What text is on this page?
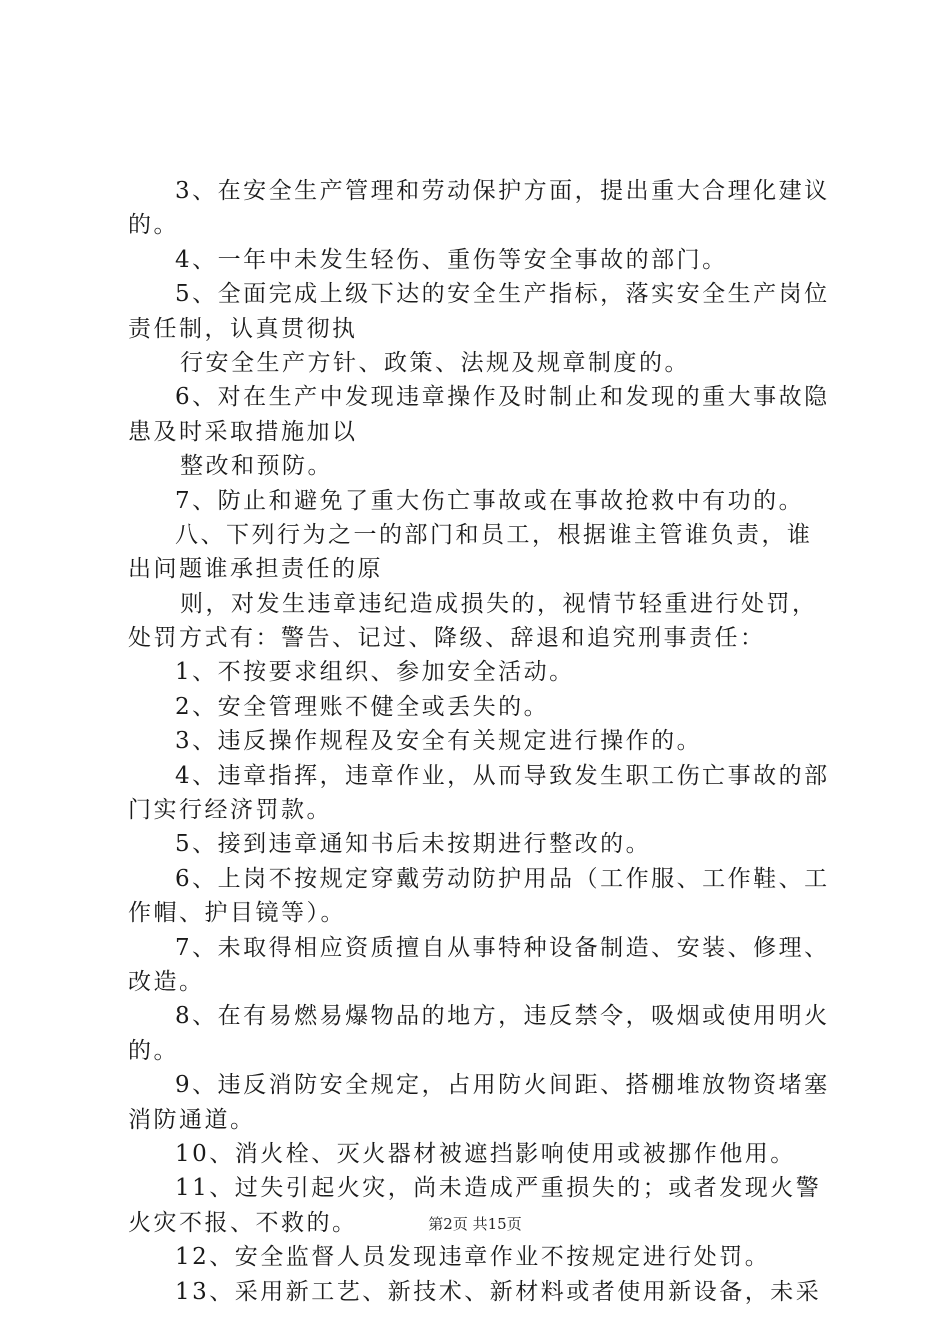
3、在安全生产管理和劳动保护方面，提出重大合理化建议
的。
4、一年中未发生轻伤、重伤等安全事故的部门。
5、全面完成上级下达的安全生产指标，落实安全生产岗位
责任制，认真贯彻执
行安全生产方针、政策、法规及规章制度的。
6、对在生产中发现违章操作及时制止和发现的重大事故隐
患及时采取措施加以
整改和预防。
7、防止和避免了重大伤亡事故或在事故抢救中有功的。
八、下列行为之一的部门和员工，根据谁主管谁负责，谁
出问题谁承担责任的原
则，对发生违章违纪造成损失的，视情节轻重进行处罚，
处罚方式有：警告、记过、降级、辞退和追究刑事责任：
1、不按要求组织、参加安全活动。
2、安全管理账不健全或丢失的。
3、违反操作规程及安全有关规定进行操作的。
4、违章指挥，违章作业，从而导致发生职工伤亡事故的部
门实行经济罚款。
5、接到违章通知书后未按期进行整改的。
6、上岗不按规定穿戴劳动防护用品（工作服、工作鞋、工
作帽、护目镜等）。
7、未取得相应资质擅自从事特种设备制造、安装、修理、
改造。
8、在有易燃易爆物品的地方，违反禁令，吸烟或使用明火
的。
9、违反消防安全规定，占用防火间距、搭棚堆放物资堵塞
消防通道。
10、消火栓、灭火器材被遮挡影响使用或被挪作他用。
11、过失引起火灾，尚未造成严重损失的；或者发现火警
火灾不报、不救的。
12、安全监督人员发现违章作业不按规定进行处罚。
13、采用新工艺、新技术、新材料或者使用新设备，未采
第2页 共15页
